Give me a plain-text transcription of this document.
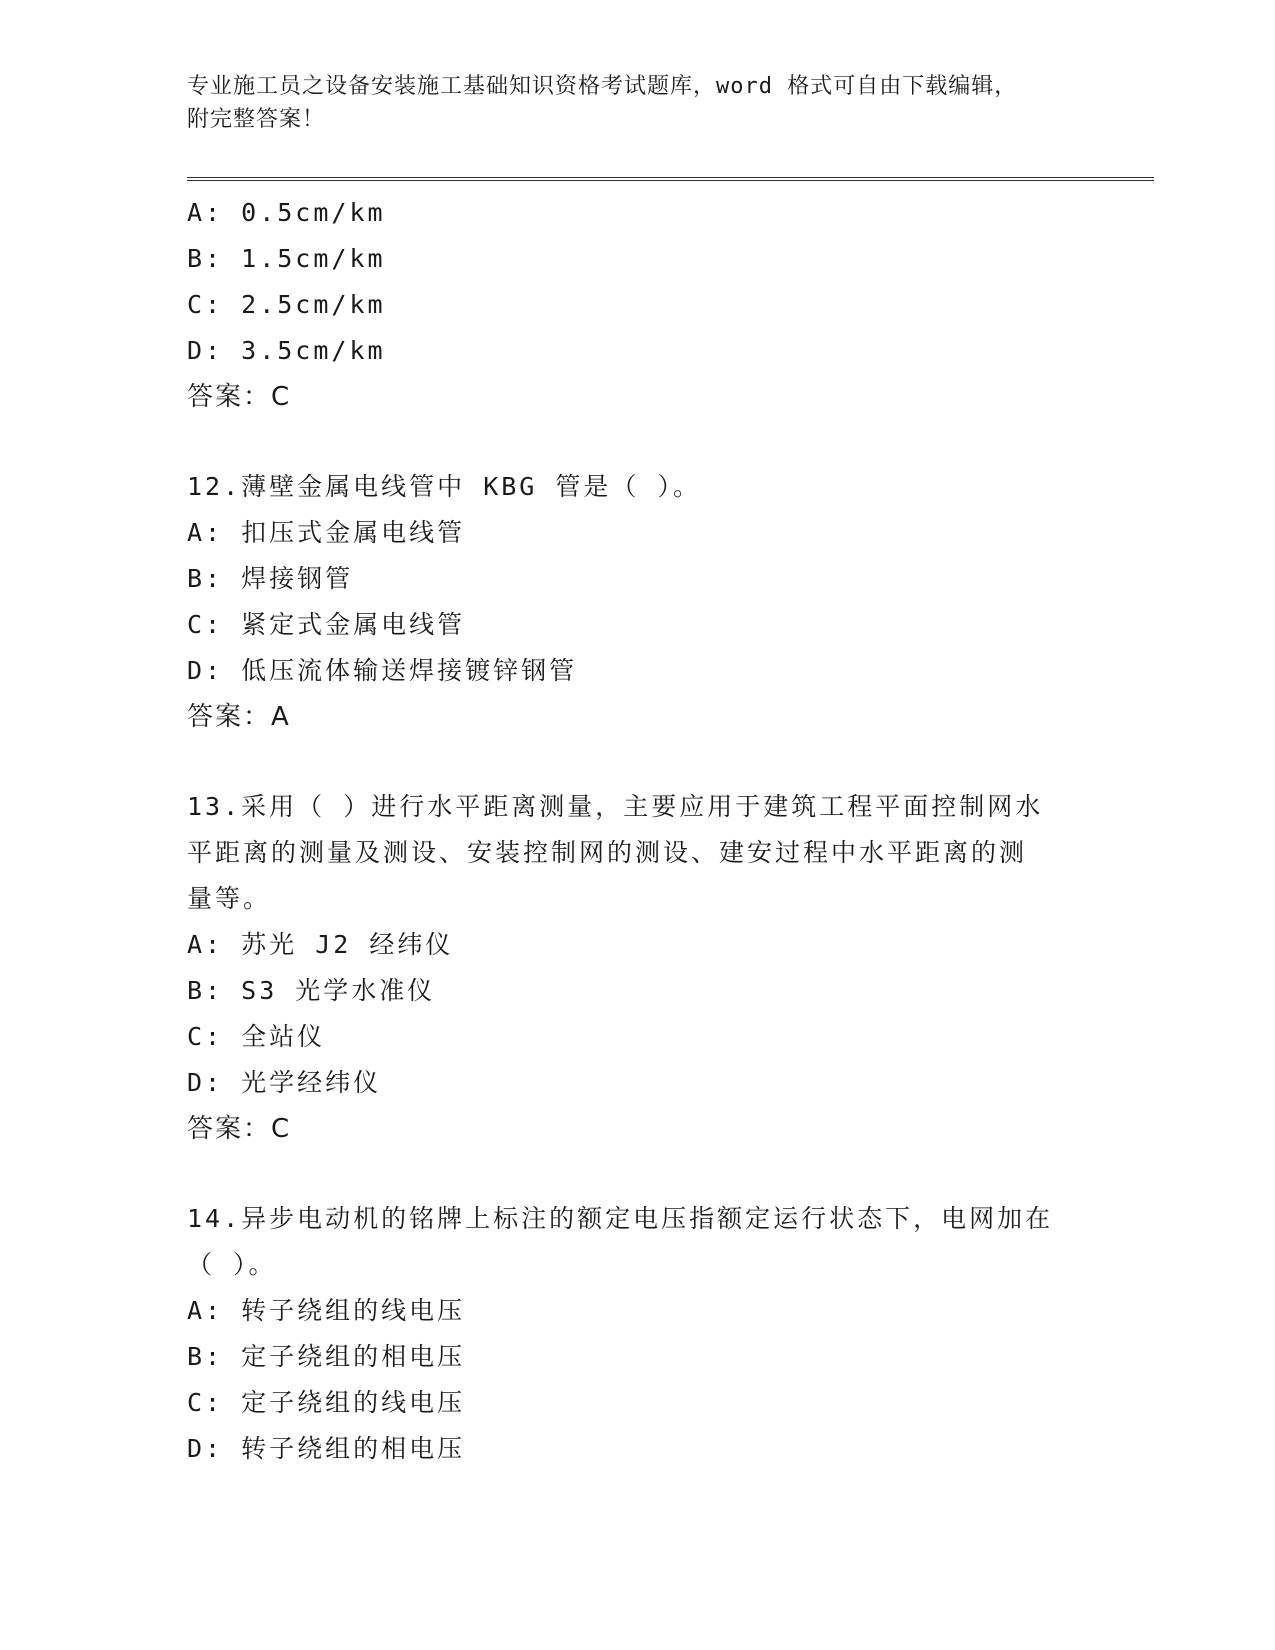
专业施工员之设备安装施工基础知识资格考试题库，word 格式可自由下载编辑，
附完整答案！
A: 0.5cm/km
B: 1.5cm/km
C: 2.5cm/km
D: 3.5cm/km
答案：C
12.薄壁金属电线管中 KBG 管是（ ）。
A: 扣压式金属电线管
B: 焊接钢管
C: 紧定式金属电线管
D: 低压流体输送焊接镀锌钢管
答案：A
13.采用（ ）进行水平距离测量，主要应用于建筑工程平面控制网水
平距离的测量及测设、安装控制网的测设、建安过程中水平距离的测
量等。
A: 苏光 J2 经纬仪
B: S3 光学水准仪
C: 全站仪
D: 光学经纬仪
答案：C
14.异步电动机的铭牌上标注的额定电压指额定运行状态下，电网加在
（ ）。
A: 转子绕组的线电压
B: 定子绕组的相电压
C: 定子绕组的线电压
D: 转子绕组的相电压
